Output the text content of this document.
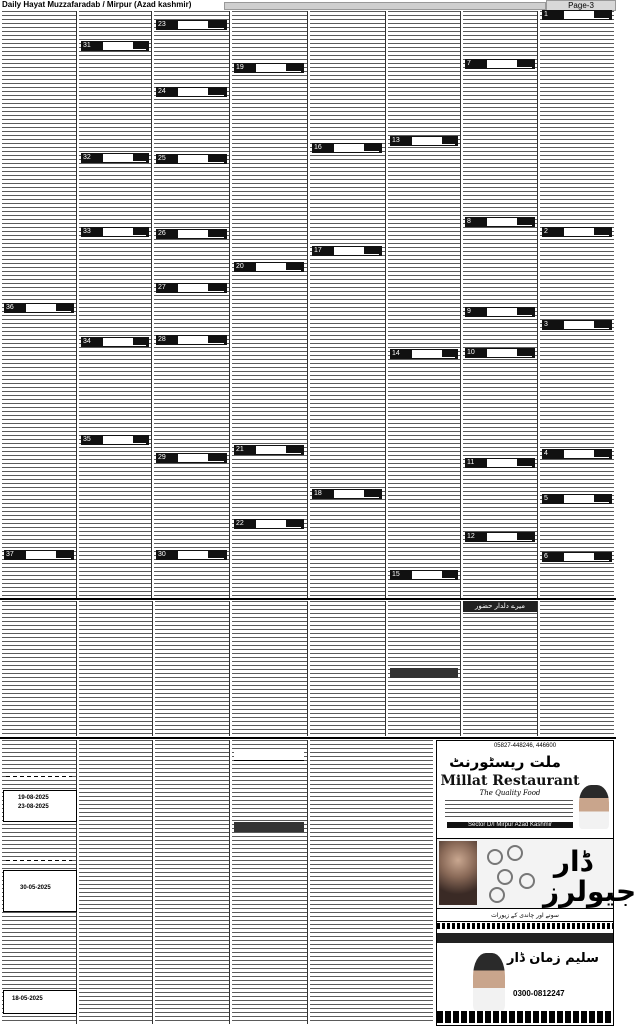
Daily Hayat Muzzafaradab / Mirpur (Azad kashmir)	Page-3
1
2
3
4
5
6
7
8
9
10
11
12
13
14
15
16
17
18
19
20
21
22
23
24
25
26
27
28
29
30
31
32
33
34
35
36
37
میرے دلدار حضور
19-08-2025
23-08-2025
30-05-2025
18-05-2025
05827-448246, 446600
ملت ریسٹورنٹ
Millat Restaurant
The Quality Food
Sector D/I Mirpur Azad Kashmir
ڈار جیولرز
سونے اور چاندی کے زیورات
سلیم زمان ڈار
0300-0812247
